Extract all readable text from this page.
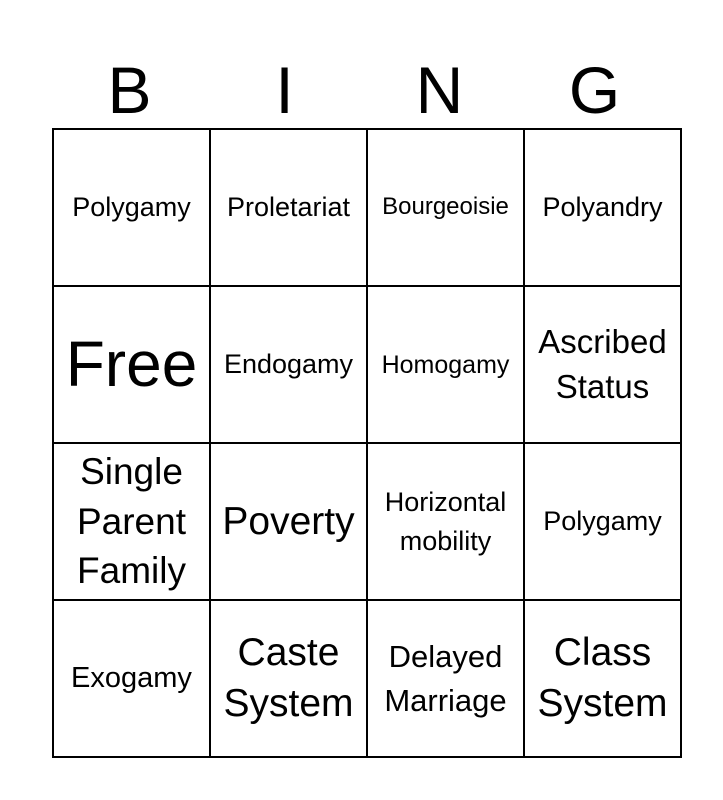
B	I	N	G
Polygamy	Proletariat	Bourgeoisie	Polyandry
Free	Endogamy	Homogamy	Ascribed Status
Single Parent Family	Poverty	Horizontal mobility	Polygamy
Exogamy	Caste System	Delayed Marriage	Class System
